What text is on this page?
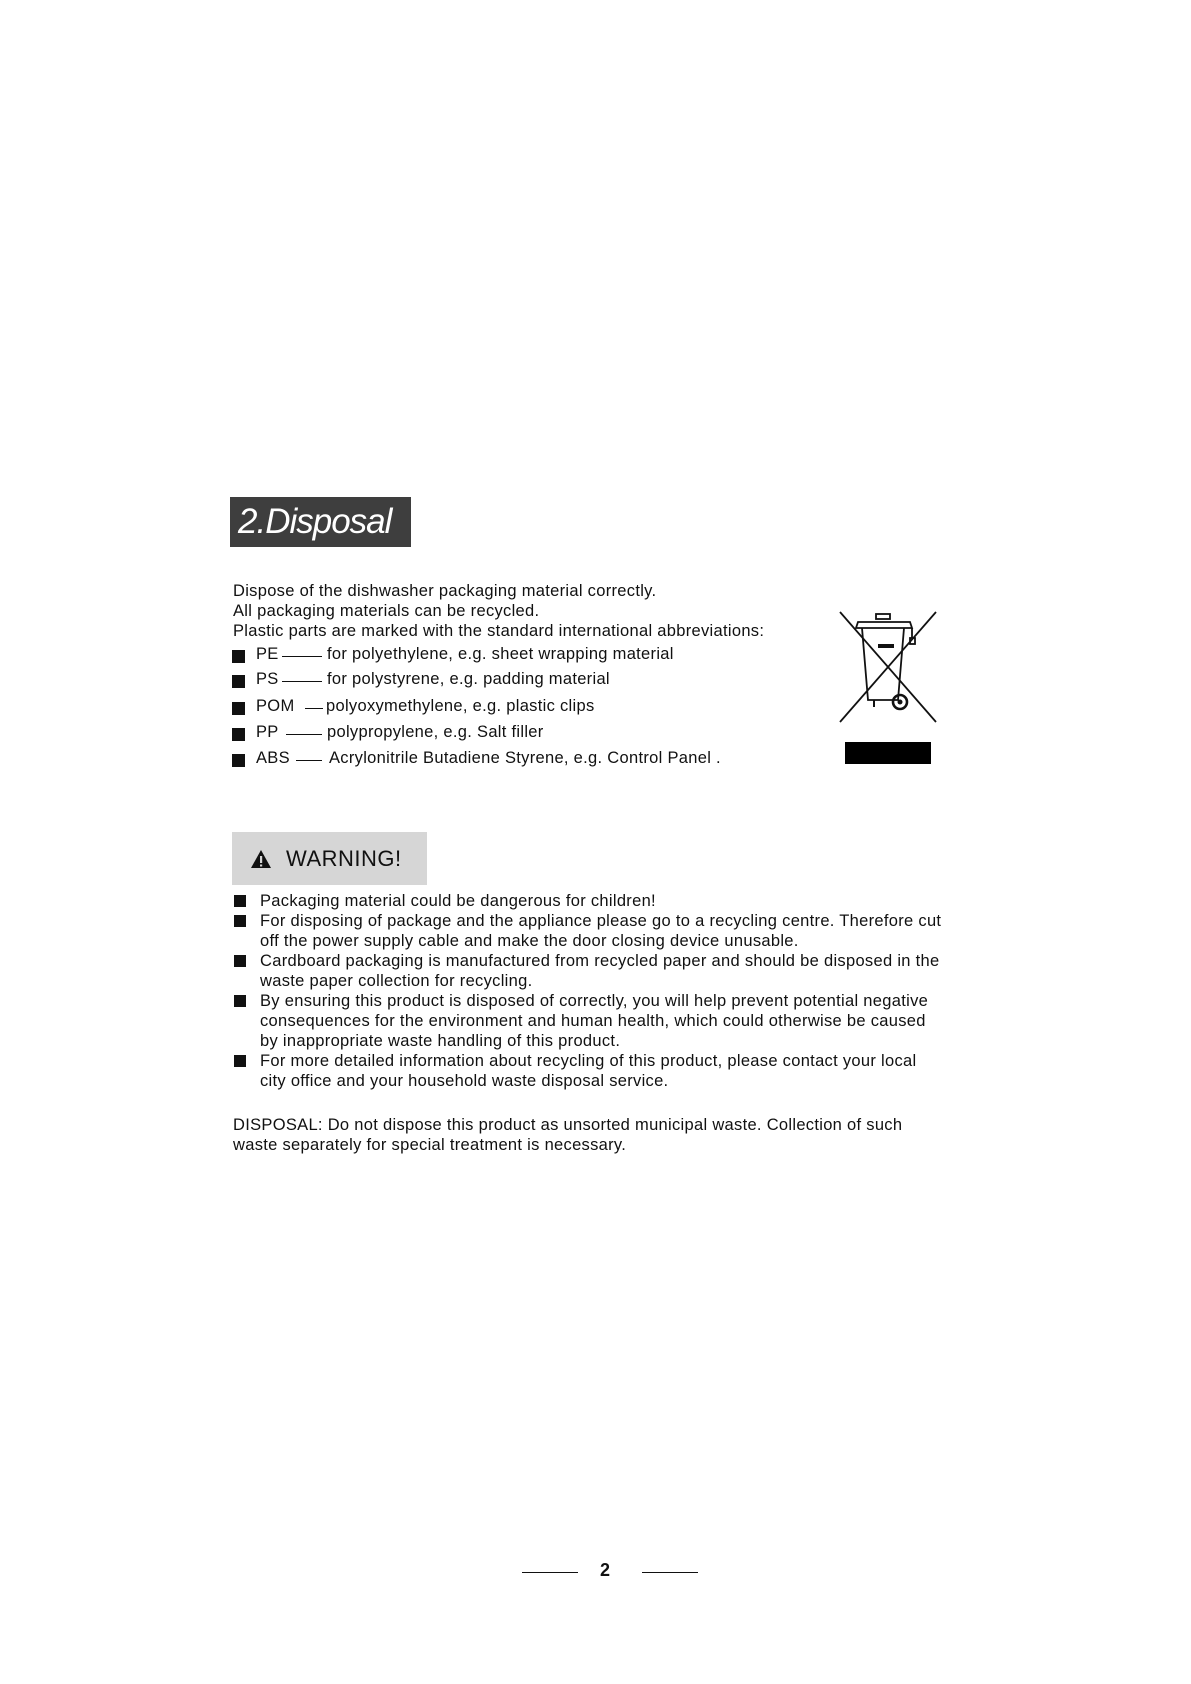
2.Disposal
Dispose of the dishwasher packaging material correctly.
All packaging materials can be recycled.
Plastic parts are marked with the standard international abbreviations:
PE	for polyethylene, e.g. sheet wrapping material
PS	for polystyrene, e.g. padding material
POM polyoxymethylene, e.g. plastic clips
PP	polypropylene, e.g. Salt filler
ABS Acrylonitrile Butadiene Styrene, e.g. Control Panel .
WARNING!
Packaging material could be dangerous for children!
For disposing of package and the appliance please go to a recycling centre. Therefore cut
off the power supply cable and make the door closing device unusable.
Cardboard packaging is manufactured from recycled paper and should be disposed in the
waste paper collection for recycling.
By ensuring this product is disposed of correctly, you will help prevent potential negative
consequences for the environment and human health, which could otherwise be caused
by inappropriate waste handling of this product.
For more detailed information about recycling of this product, please contact your local
city office and your household waste disposal service.
DISPOSAL: Do not dispose this product as unsorted municipal waste. Collection of such
waste separately for special treatment is necessary.
2
